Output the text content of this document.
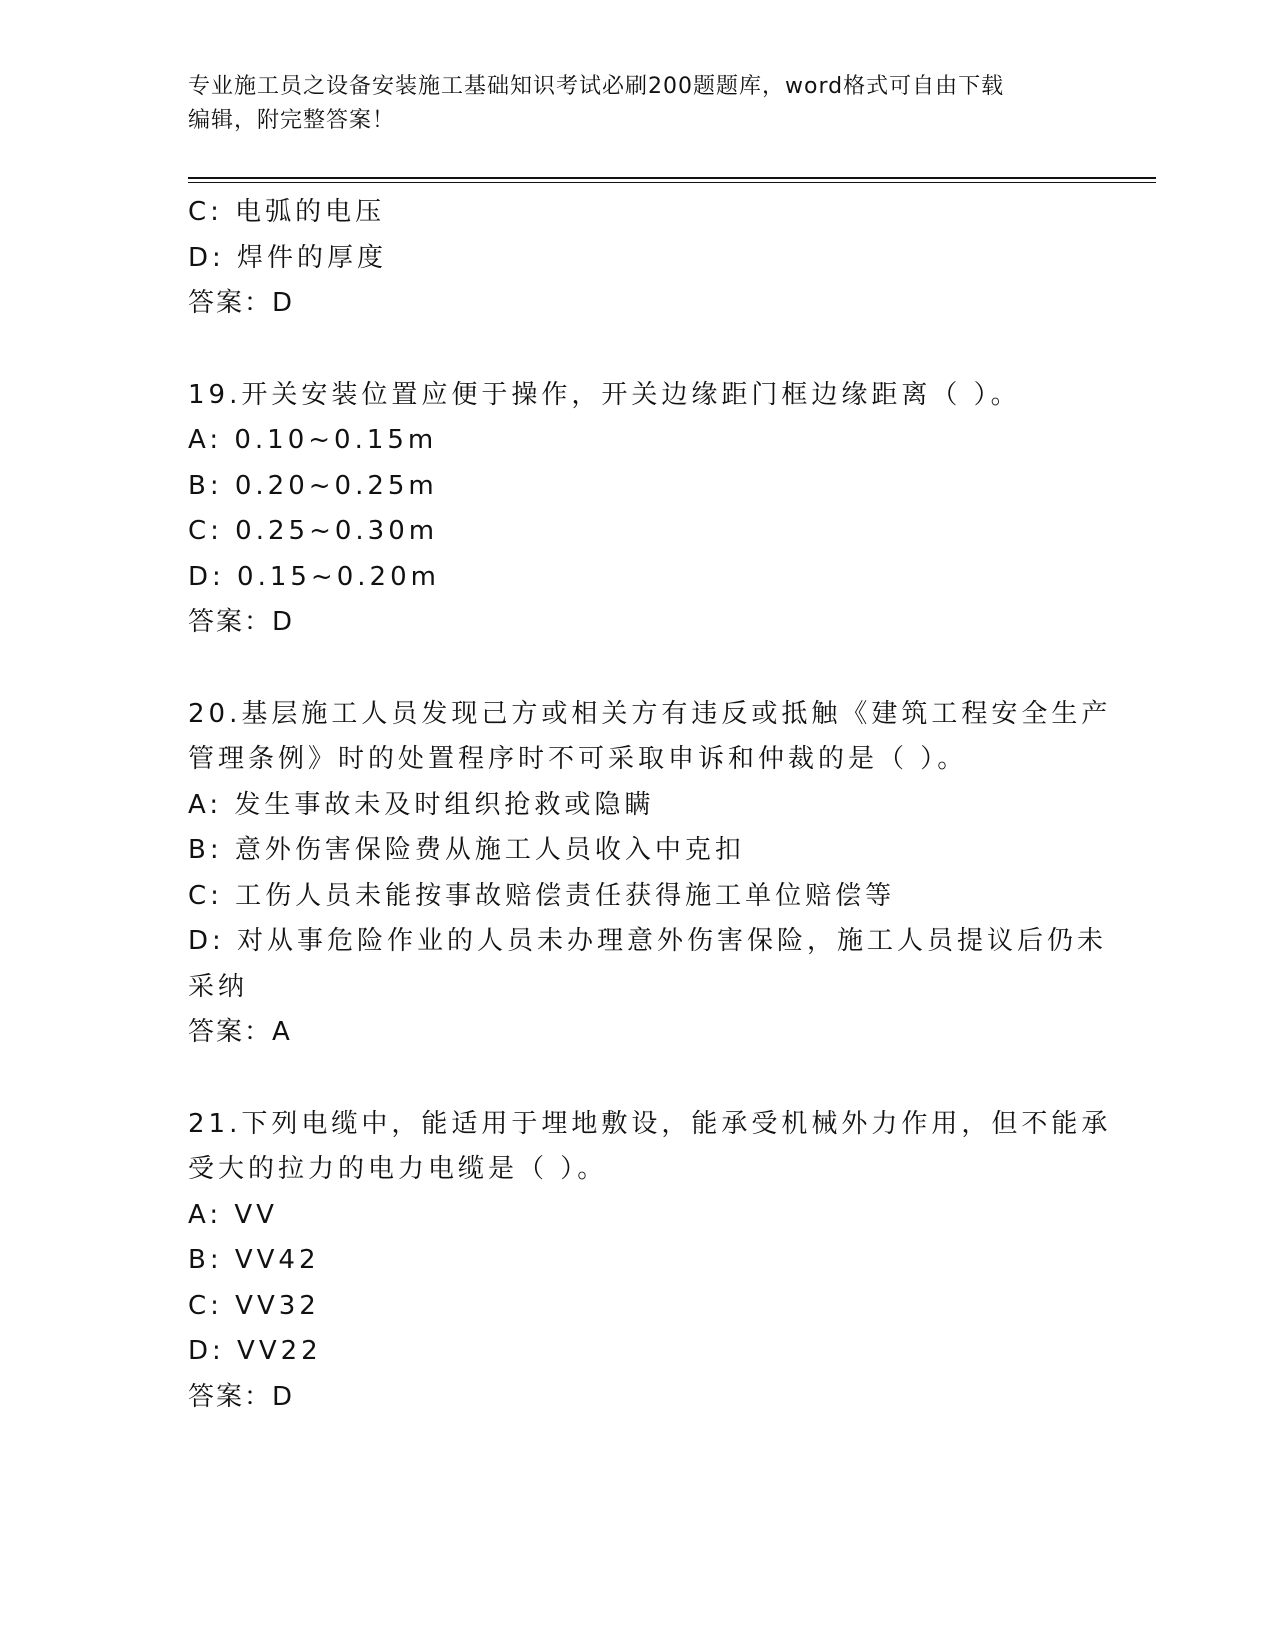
专业施工员之设备安装施工基础知识考试必刷200题题库，word格式可自由下载
编辑，附完整答案！
C: 电弧的电压
D: 焊件的厚度
答案：D
19.开关安装位置应便于操作，开关边缘距门框边缘距离（ ）。
A: 0.10~0.15m
B: 0.20~0.25m
C: 0.25~0.30m
D: 0.15~0.20m
答案：D
20.基层施工人员发现己方或相关方有违反或抵触《建筑工程安全生产
管理条例》时的处置程序时不可采取申诉和仲裁的是（ ）。
A: 发生事故未及时组织抢救或隐瞒
B: 意外伤害保险费从施工人员收入中克扣
C: 工伤人员未能按事故赔偿责任获得施工单位赔偿等
D: 对从事危险作业的人员未办理意外伤害保险，施工人员提议后仍未
采纳
答案：A
21.下列电缆中，能适用于埋地敷设，能承受机械外力作用，但不能承
受大的拉力的电力电缆是（ ）。
A: VV
B: VV42
C: VV32
D: VV22
答案：D
